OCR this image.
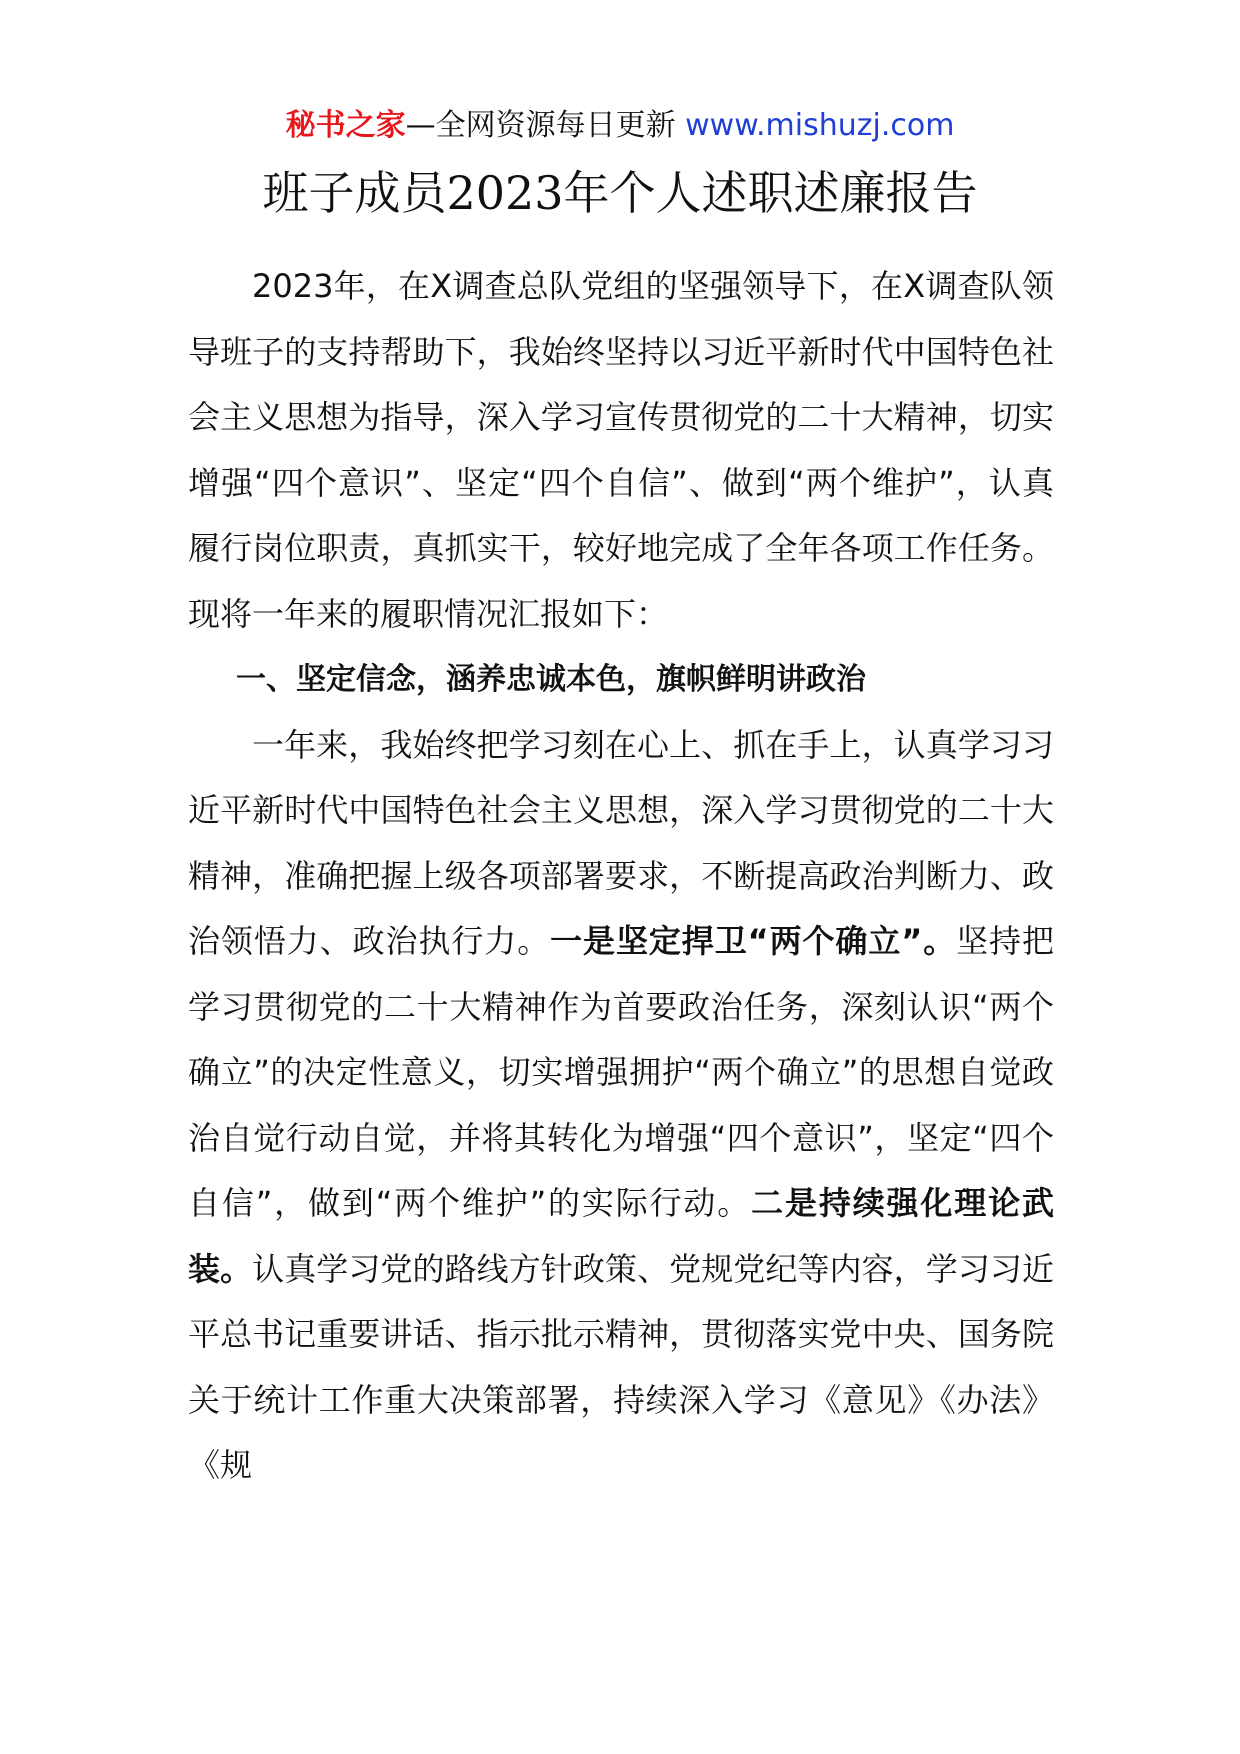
秘书之家—全网资源每日更新 www.mishuzj.com
班子成员2023年个人述职述廉报告

2023年，在X调查总队党组的坚强领导下，在X调查队领导班子的支持帮助下，我始终坚持以习近平新时代中国特色社会主义思想为指导，深入学习宣传贯彻党的二十大精神，切实增强“四个意识”、坚定“四个自信”、做到“两个维护”，认真履行岗位职责，真抓实干，较好地完成了全年各项工作任务。现将一年来的履职情况汇报如下：

一、坚定信念，涵养忠诚本色，旗帜鲜明讲政治

一年来，我始终把学习刻在心上、抓在手上，认真学习习近平新时代中国特色社会主义思想，深入学习贯彻党的二十大精神，准确把握上级各项部署要求，不断提高政治判断力、政治领悟力、政治执行力。一是坚定捍卫“两个确立”。坚持把学习贯彻党的二十大精神作为首要政治任务，深刻认识“两个确立”的决定性意义，切实增强拥护“两个确立”的思想自觉政治自觉行动自觉，并将其转化为增强“四个意识”，坚定“四个自信”，做到“两个维护”的实际行动。二是持续强化理论武装。认真学习党的路线方针政策、党规党纪等内容，学习习近平总书记重要讲话、指示批示精神，贯彻落实党中央、国务院关于统计工作重大决策部署，持续深入学习《意见》《办法》《规
